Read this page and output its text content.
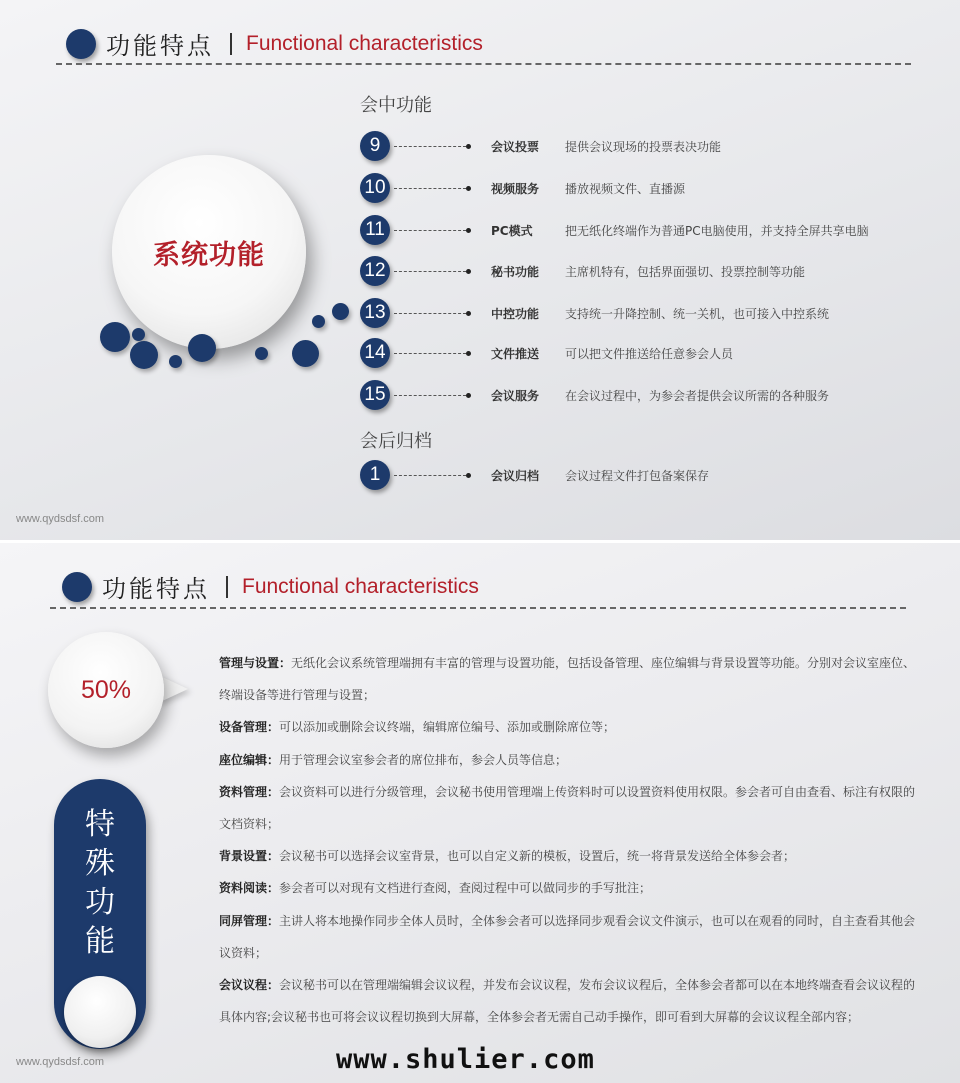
功能特点 Functional characteristics
系统功能
会中功能
9	会议投票	提供会议现场的投票表决功能
10	视频服务	播放视频文件、直播源
11	PC模式	把无纸化终端作为普通PC电脑使用，并支持全屏共享电脑
12	秘书功能	主席机特有，包括界面强切、投票控制等功能
13	中控功能	支持统一升降控制、统一关机，也可接入中控系统
14	文件推送	可以把文件推送给任意参会人员
15	会议服务	在会议过程中，为参会者提供会议所需的各种服务
会后归档
1	会议归档	会议过程文件打包备案保存
www.qydsdsf.com
功能特点 Functional characteristics
50%
特
殊
功
能

管理与设置：无纸化会议系统管理端拥有丰富的管理与设置功能，包括设备管理、座位编辑与背景设置等功能。分别对会议室座位、终端设备等进行管理与设置；

设备管理：可以添加或删除会议终端，编辑席位编号、添加或删除席位等；

座位编辑：用于管理会议室参会者的席位排布，参会人员等信息；

资料管理：会议资料可以进行分级管理，会议秘书使用管理端上传资料时可以设置资料使用权限。参会者可自由查看、标注有权限的文档资料；

背景设置：会议秘书可以选择会议室背景，也可以自定义新的模板，设置后，统一将背景发送给全体参会者；

资料阅读：参会者可以对现有文档进行查阅，查阅过程中可以做同步的手写批注；

同屏管理：主讲人将本地操作同步全体人员时，全体参会者可以选择同步观看会议文件演示，也可以在观看的同时，自主查看其他会议资料；

会议议程：会议秘书可以在管理端编辑会议议程，并发布会议议程，发布会议议程后，全体参会者都可以在本地终端查看会议议程的具体内容;会议秘书也可将会议议程切换到大屏幕，全体参会者无需自己动手操作，即可看到大屏幕的会议议程全部内容；

www.qydsdsf.com	www.shulier.com
